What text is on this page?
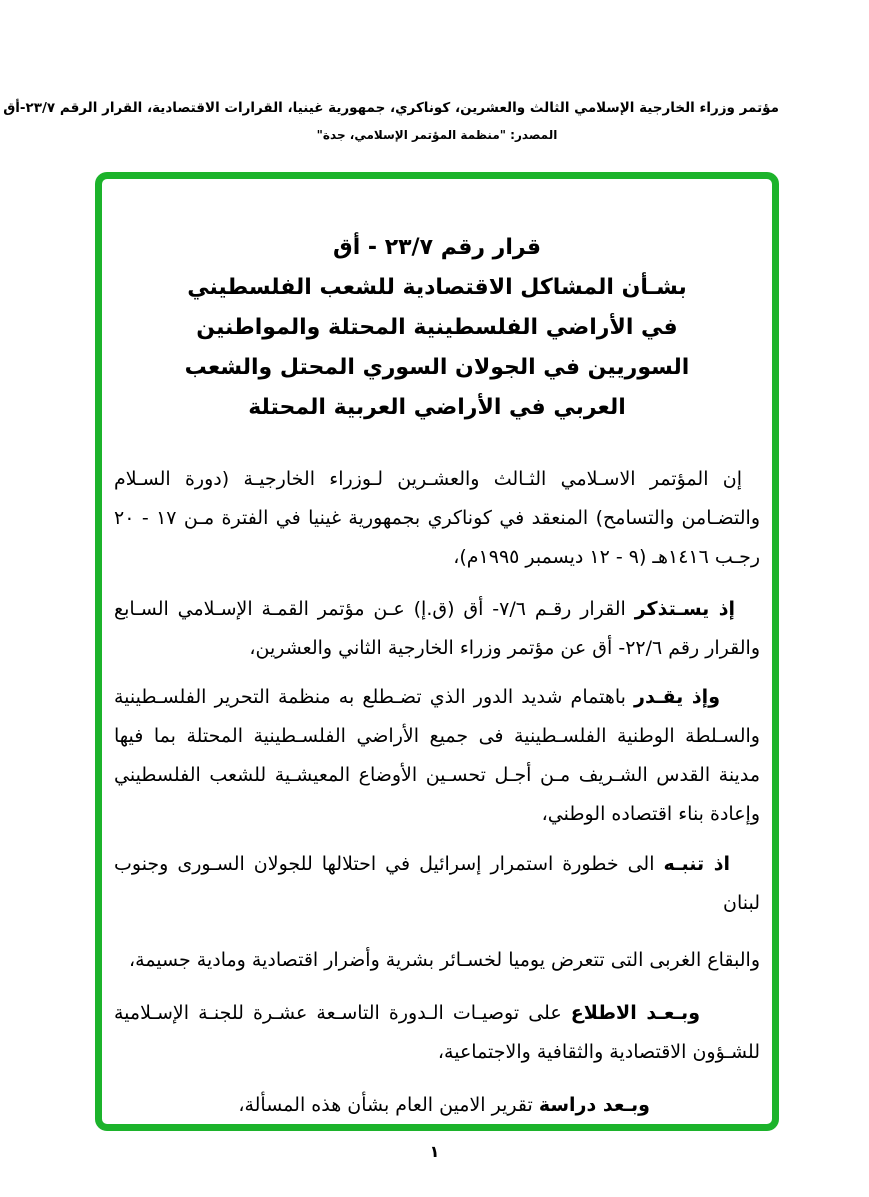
مؤتمر وزراء الخارجية الإسلامي الثالث والعشرين، كوناكري، جمهورية غينيا، القرارات الاقتصادية، القرار الرقم ٢٣/٧-أق
المصدر: "منظمة المؤتمر الإسلامي، جدة"
قرار رقم ٢٣/٧ - أق
بشـأن المشاكل الاقتصادية للشعب الفلسطيني
في الأراضي الفلسطينية المحتلة والمواطنين
السوريين في الجولان السوري المحتل والشعب
العربي في الأراضي العربية المحتلة

إن المؤتمر الاسـلامي الثـالث والعشـرين لـوزراء الخارجيـة (دورة السـلام والتضـامن والتسامح) المنعقد في كوناكري بجمهورية غينيا في الفترة مـن ١٧ - ٢٠ رجـب ١٤١٦هـ (٩ - ١٢ ديسمبر ١٩٩٥م)،

إذ يسـتذكر القرار رقـم ٧/٦- أق (ق.إ) عـن مؤتمر القمـة الإسـلامي السـابع والقرار رقم ٢٢/٦- أق عن مؤتمر وزراء الخارجية الثاني والعشرين،

وإذ يقـدر باهتمام شديد الدور الذي تضـطلع به منظمة التحرير الفلسـطينية والسـلطة الوطنية الفلسـطينية فى جميع الأراضي الفلسـطينية المحتلة بما فيها مدينة القدس الشـريف مـن أجـل تحسـين الأوضاع المعيشـية للشعب الفلسطيني وإعادة بناء اقتصاده الوطني،

اذ تنبـه الى خطورة استمرار إسرائيل في احتلالها للجولان السـورى وجنوب لبنان

والبقاع الغربى التى تتعرض يوميا لخسـائر بشرية وأضرار اقتصادية ومادية جسيمة،

وبـعـد الاطلاع على توصيـات الـدورة التاسـعة عشـرة للجنـة الإسـلامية للشـؤون الاقتصادية والثقافية والاجتماعية،

وبـعد دراسة تقرير الامين العام بشأن هذه المسألة،

١
